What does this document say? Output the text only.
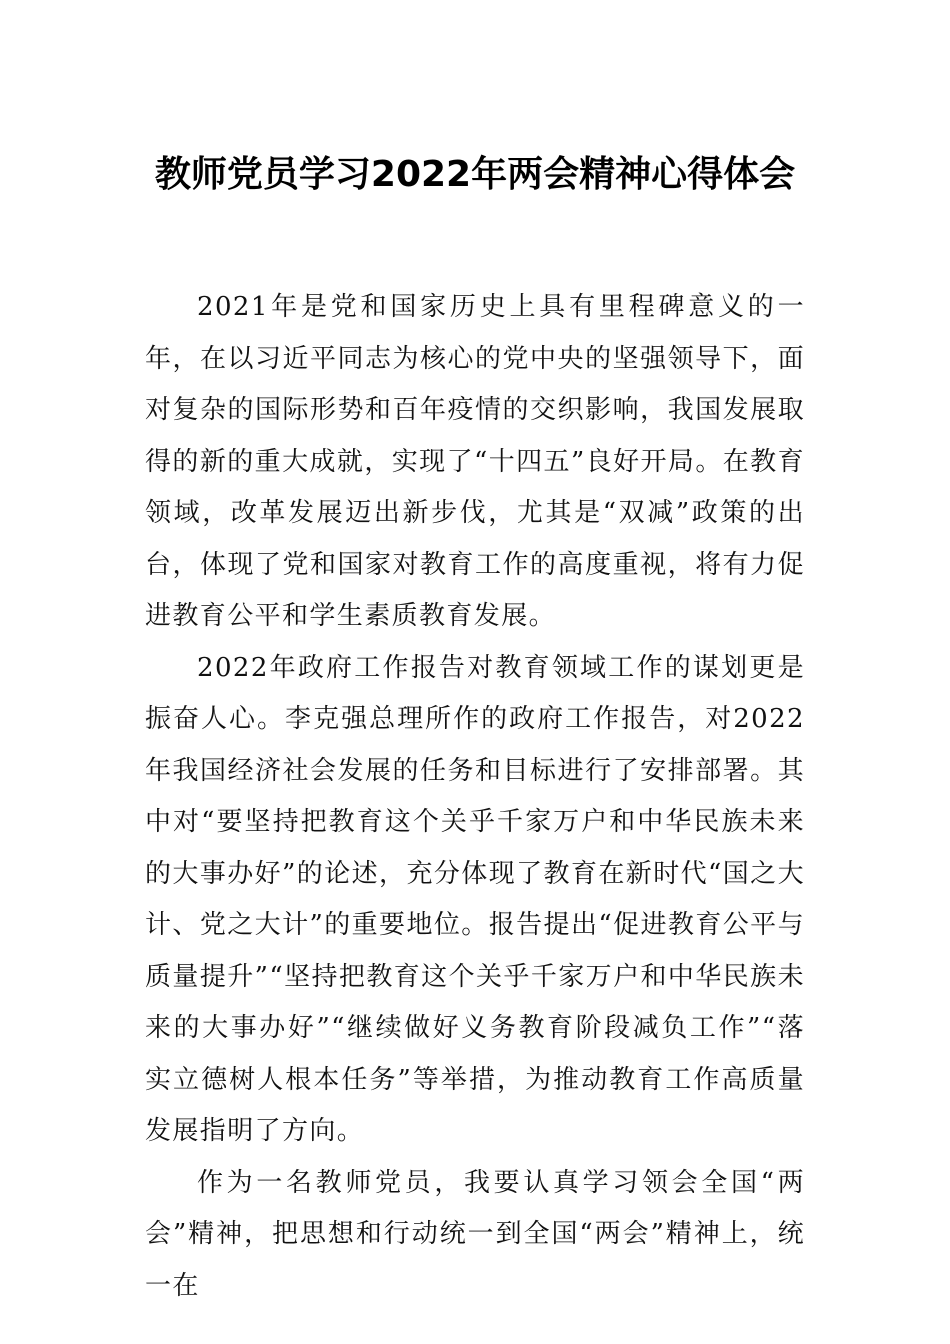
教师党员学习2022年两会精神心得体会

2021年是党和国家历史上具有里程碑意义的一年，在以习近平同志为核心的党中央的坚强领导下，面对复杂的国际形势和百年疫情的交织影响，我国发展取得的新的重大成就，实现了“十四五”良好开局。在教育领域，改革发展迈出新步伐，尤其是“双减”政策的出台，体现了党和国家对教育工作的高度重视，将有力促进教育公平和学生素质教育发展。

2022年政府工作报告对教育领域工作的谋划更是振奋人心。李克强总理所作的政府工作报告，对2022年我国经济社会发展的任务和目标进行了安排部署。其中对“要坚持把教育这个关乎千家万户和中华民族未来的大事办好”的论述，充分体现了教育在新时代“国之大计、党之大计”的重要地位。报告提出“促进教育公平与质量提升”“坚持把教育这个关乎千家万户和中华民族未来的大事办好”“继续做好义务教育阶段减负工作”“落实立德树人根本任务”等举措，为推动教育工作高质量发展指明了方向。

作为一名教师党员，我要认真学习领会全国“两会”精神，把思想和行动统一到全国“两会”精神上，统一在
